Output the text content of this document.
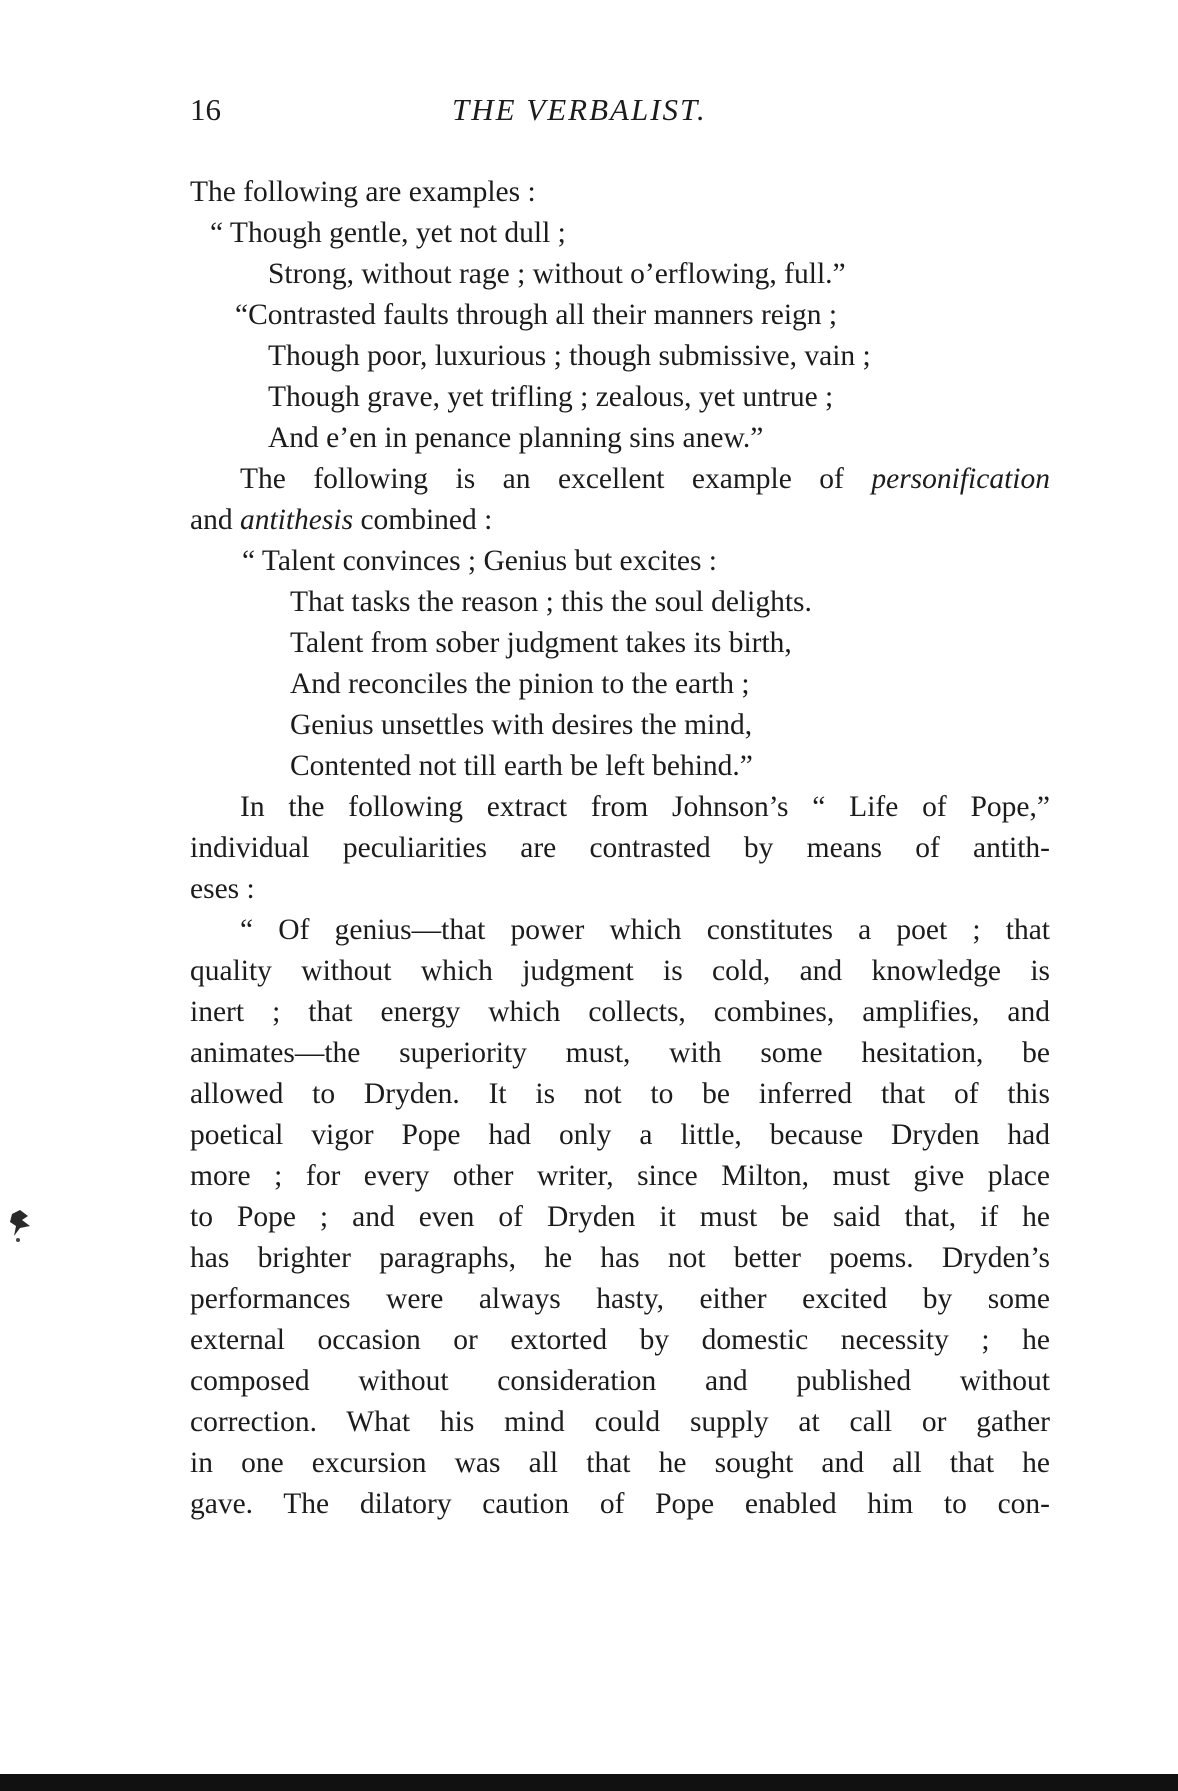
16	THE VERBALIST.
The following are examples :
“ Though gentle, yet not dull ;
Strong, without rage ; without o’erflowing, full.”
“Contrasted faults through all their manners reign ;
Though poor, luxurious ; though submissive, vain ;
Though grave, yet trifling ; zealous, yet untrue ;
And e’en in penance planning sins anew.”
The following is an excellent example of personification
and antithesis combined :
“ Talent convinces ; Genius but excites :
That tasks the reason ; this the soul delights.
Talent from sober judgment takes its birth,
And reconciles the pinion to the earth ;
Genius unsettles with desires the mind,
Contented not till earth be left behind.”
In the following extract from Johnson’s “ Life of Pope,”
individual peculiarities are contrasted by means of antith-
eses :
“ Of genius—that power which constitutes a poet ; that
quality without which judgment is cold, and knowledge is
inert ; that energy which collects, combines, amplifies, and
animates—the superiority must, with some hesitation, be
allowed to Dryden. It is not to be inferred that of this
poetical vigor Pope had only a little, because Dryden had
more ; for every other writer, since Milton, must give place
to Pope ; and even of Dryden it must be said that, if he
has brighter paragraphs, he has not better poems. Dryden’s
performances were always hasty, either excited by some
external occasion or extorted by domestic necessity ; he
composed without consideration and published without
correction. What his mind could supply at call or gather
in one excursion was all that he sought and all that he
gave. The dilatory caution of Pope enabled him to con-
